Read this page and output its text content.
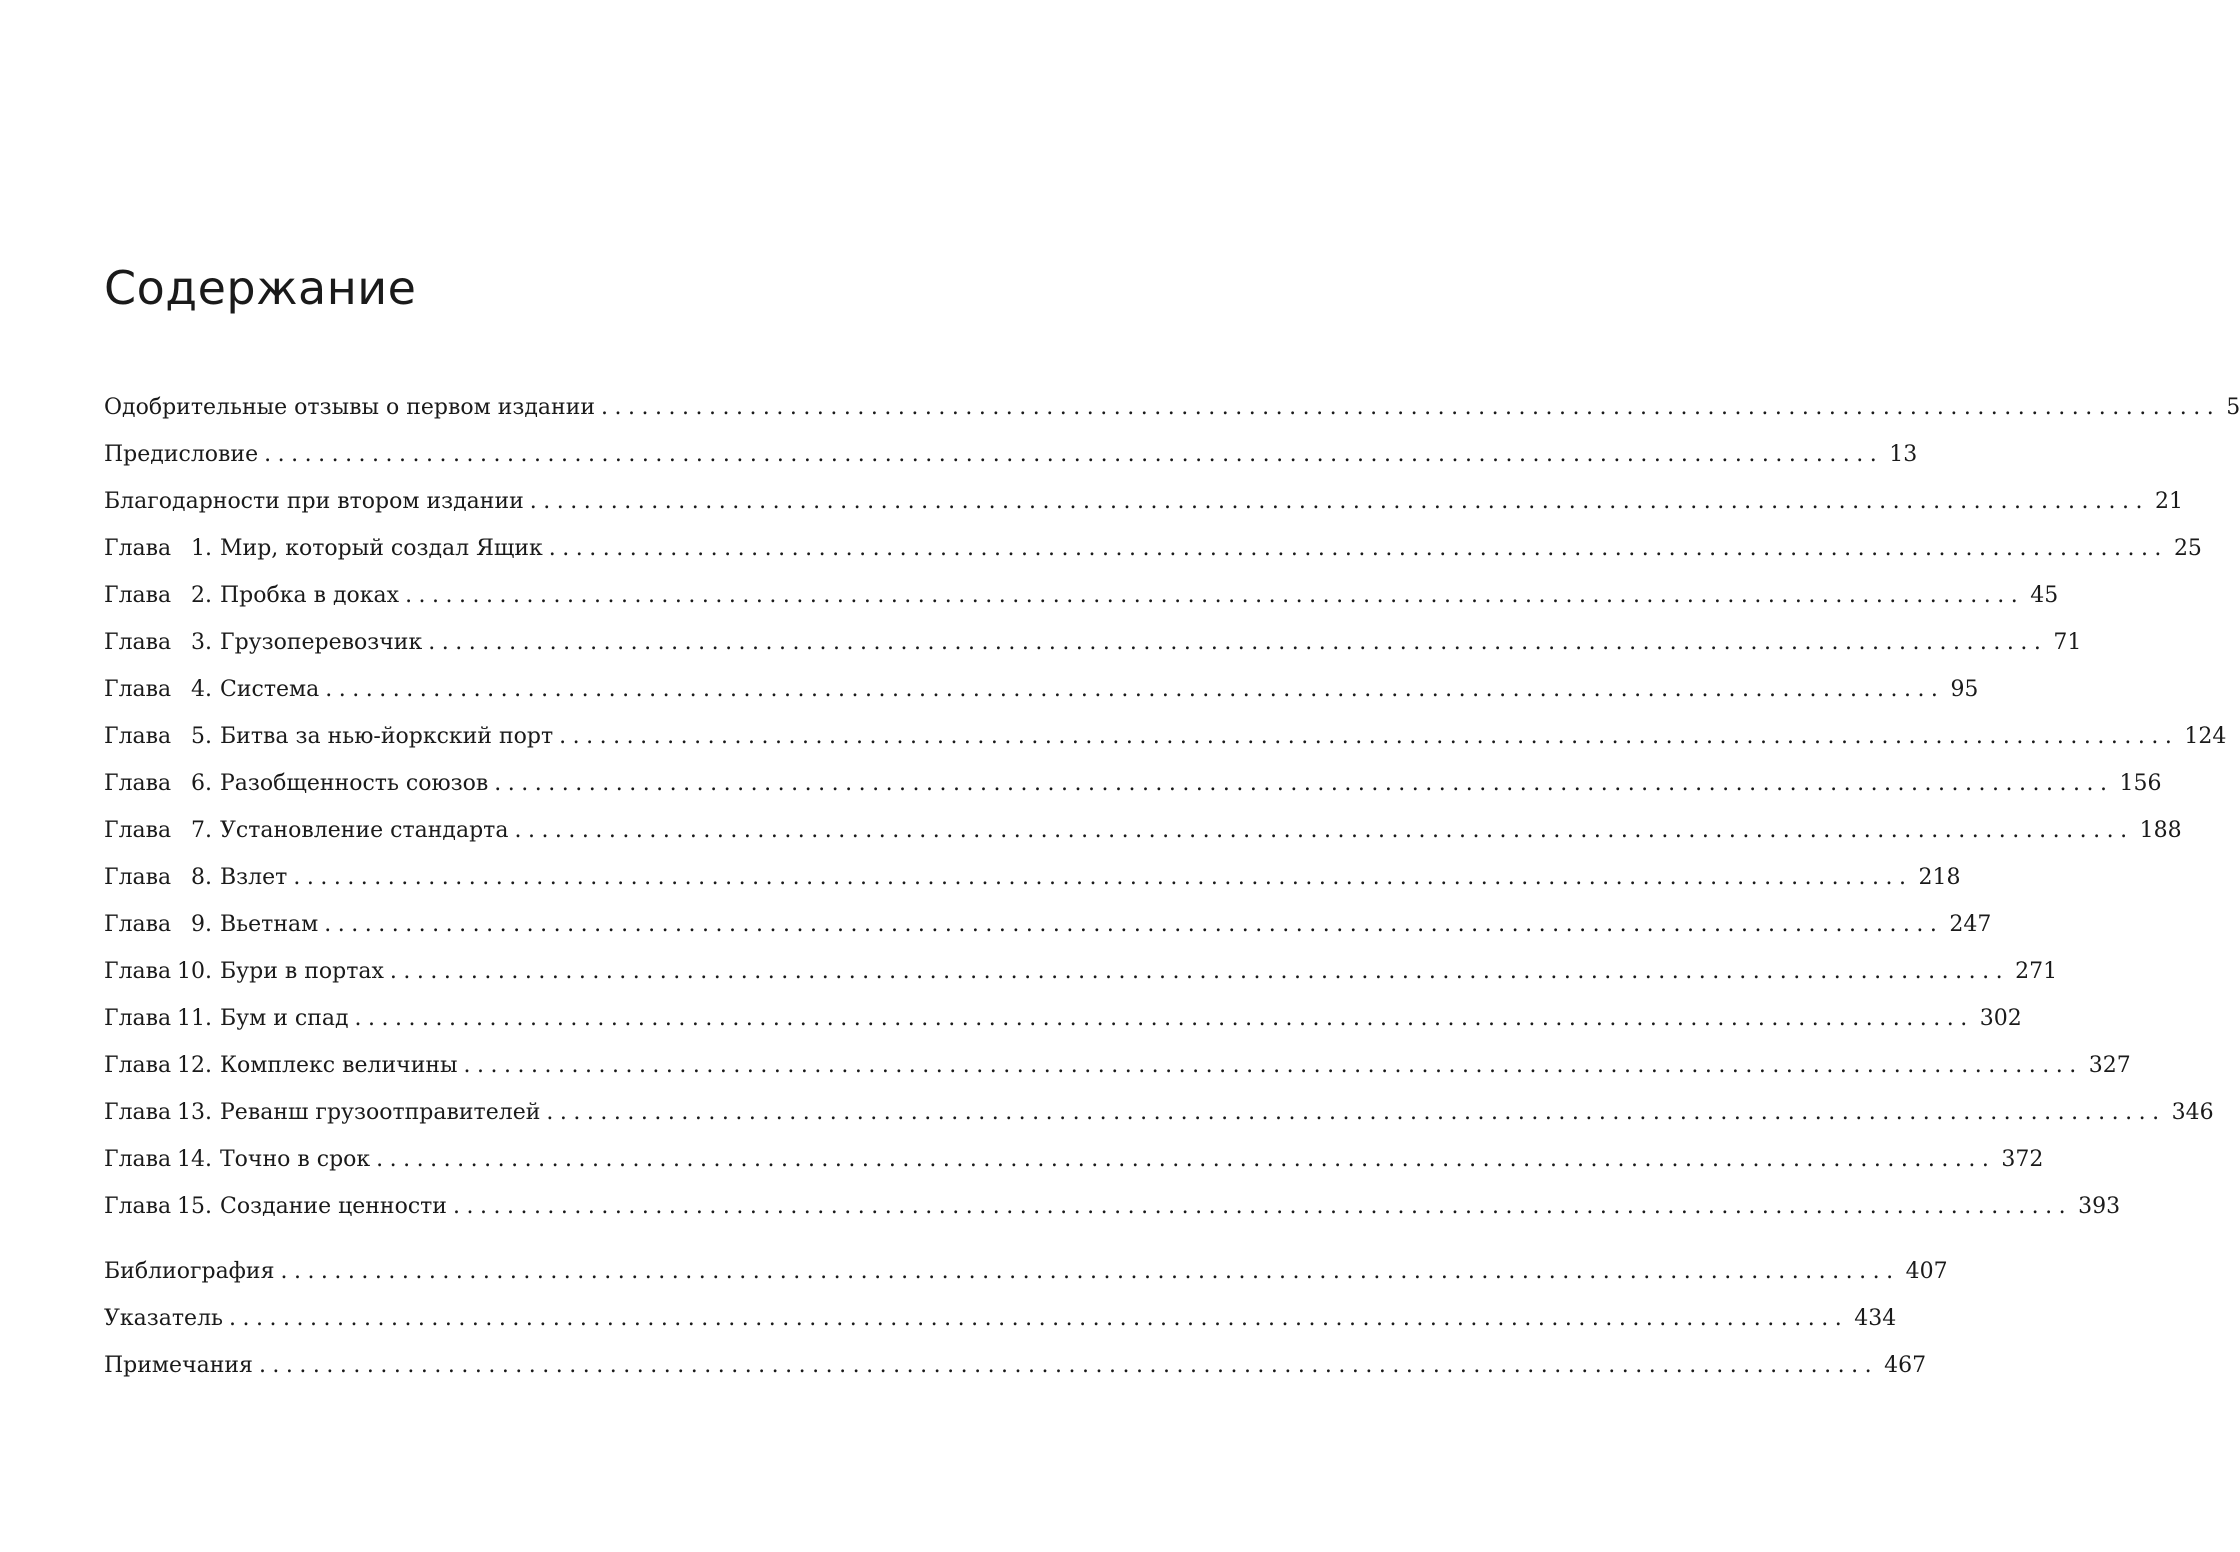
Содержание
Одобрительные отзывы о первом издании ........................................................................................................................ 5
Предисловие ........................................................................................................................ 13
Благодарности при втором издании ........................................................................................................................ 21
Глава 1 . Мир, который создал Ящик ........................................................................................................................ 25
Глава 2 . Пробка в доках ........................................................................................................................ 45
Глава 3 . Грузоперевозчик ........................................................................................................................ 71
Глава 4 . Система ........................................................................................................................ 95
Глава 5 . Битва за нью-йоркский порт ........................................................................................................................ 124
Глава 6 . Разобщенность союзов ........................................................................................................................ 156
Глава 7 . Установление стандарта ........................................................................................................................ 188
Глава 8 . Взлет ........................................................................................................................ 218
Глава 9 . Вьетнам ........................................................................................................................ 247
Глава 10 . Бури в портах ........................................................................................................................ 271
Глава 11 . Бум и спад ........................................................................................................................ 302
Глава 12 . Комплекс величины ........................................................................................................................ 327
Глава 13 . Реванш грузоотправителей ........................................................................................................................ 346
Глава 14 . Точно в срок ........................................................................................................................ 372
Глава 15 . Создание ценности ........................................................................................................................ 393
Библиография ........................................................................................................................ 407
Указатель ........................................................................................................................ 434
Примечания ........................................................................................................................ 467
